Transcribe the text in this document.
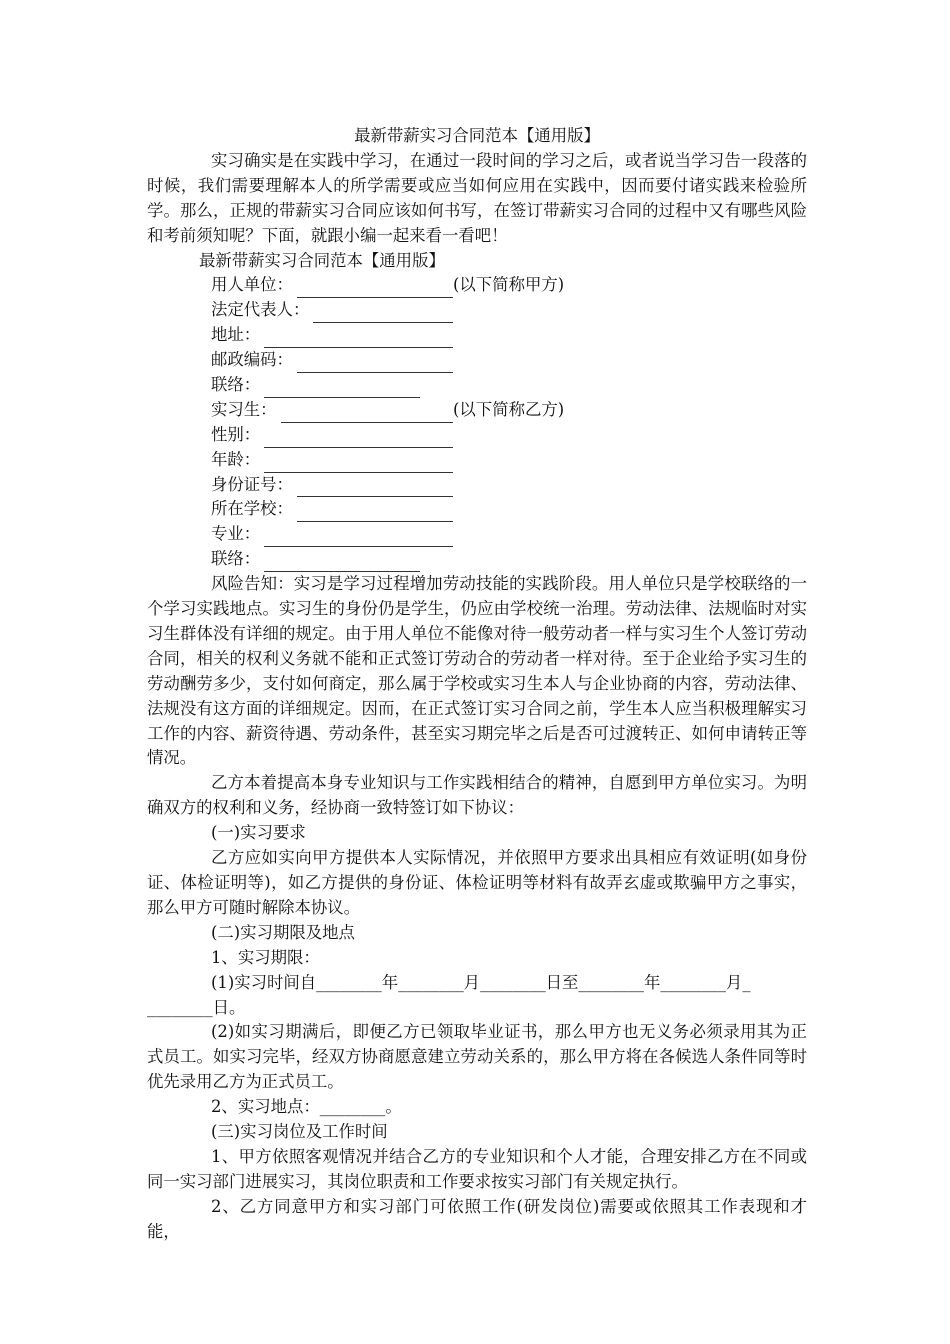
最新带薪实习合同范本【通用版】

实习确实是在实践中学习，在通过一段时间的学习之后，或者说当学习告一段落的时候，我们需要理解本人的所学需要或应当如何应用在实践中，因而要付诸实践来检验所学。那么，正规的带薪实习合同应该如何书写，在签订带薪实习合同的过程中又有哪些风险和考前须知呢？下面，就跟小编一起来看一看吧！

最新带薪实习合同范本【通用版】

用人单位：	(以下简称甲方)
法定代表人：
地址：
邮政编码：
联络：
实习生：	(以下简称乙方)
性别：
年龄：
身份证号：
所在学校：
专业：
联络：

风险告知：实习是学习过程增加劳动技能的实践阶段。用人单位只是学校联络的一个学习实践地点。实习生的身份仍是学生，仍应由学校统一治理。劳动法律、法规临时对实习生群体没有详细的规定。由于用人单位不能像对待一般劳动者一样与实习生个人签订劳动合同，相关的权利义务就不能和正式签订劳动合的劳动者一样对待。至于企业给予实习生的劳动酬劳多少，支付如何商定，那么属于学校或实习生本人与企业协商的内容，劳动法律、法规没有这方面的详细规定。因而，在正式签订实习合同之前，学生本人应当积极理解实习工作的内容、薪资待遇、劳动条件，甚至实习期完毕之后是否可过渡转正、如何申请转正等情况。

乙方本着提高本身专业知识与工作实践相结合的精神，自愿到甲方单位实习。为明确双方的权利和义务，经协商一致特签订如下协议：

(一)实习要求

乙方应如实向甲方提供本人实际情况，并依照甲方要求出具相应有效证明(如身份证、体检证明等)，如乙方提供的身份证、体检证明等材料有故弄玄虚或欺骗甲方之事实，那么甲方可随时解除本协议。

(二)实习期限及地点

1、实习期限：

(1)实习时间自________年________月________日至________年________月_

________日。

(2)如实习期满后，即便乙方已领取毕业证书，那么甲方也无义务必须录用其为正式员工。如实习完毕，经双方协商愿意建立劳动关系的，那么甲方将在各候选人条件同等时优先录用乙方为正式员工。

2、实习地点：________。

(三)实习岗位及工作时间

1、甲方依照客观情况并结合乙方的专业知识和个人才能，合理安排乙方在不同或同一实习部门进展实习，其岗位职责和工作要求按实习部门有关规定执行。

2、乙方同意甲方和实习部门可依照工作(研发岗位)需要或依照其工作表现和才能，
